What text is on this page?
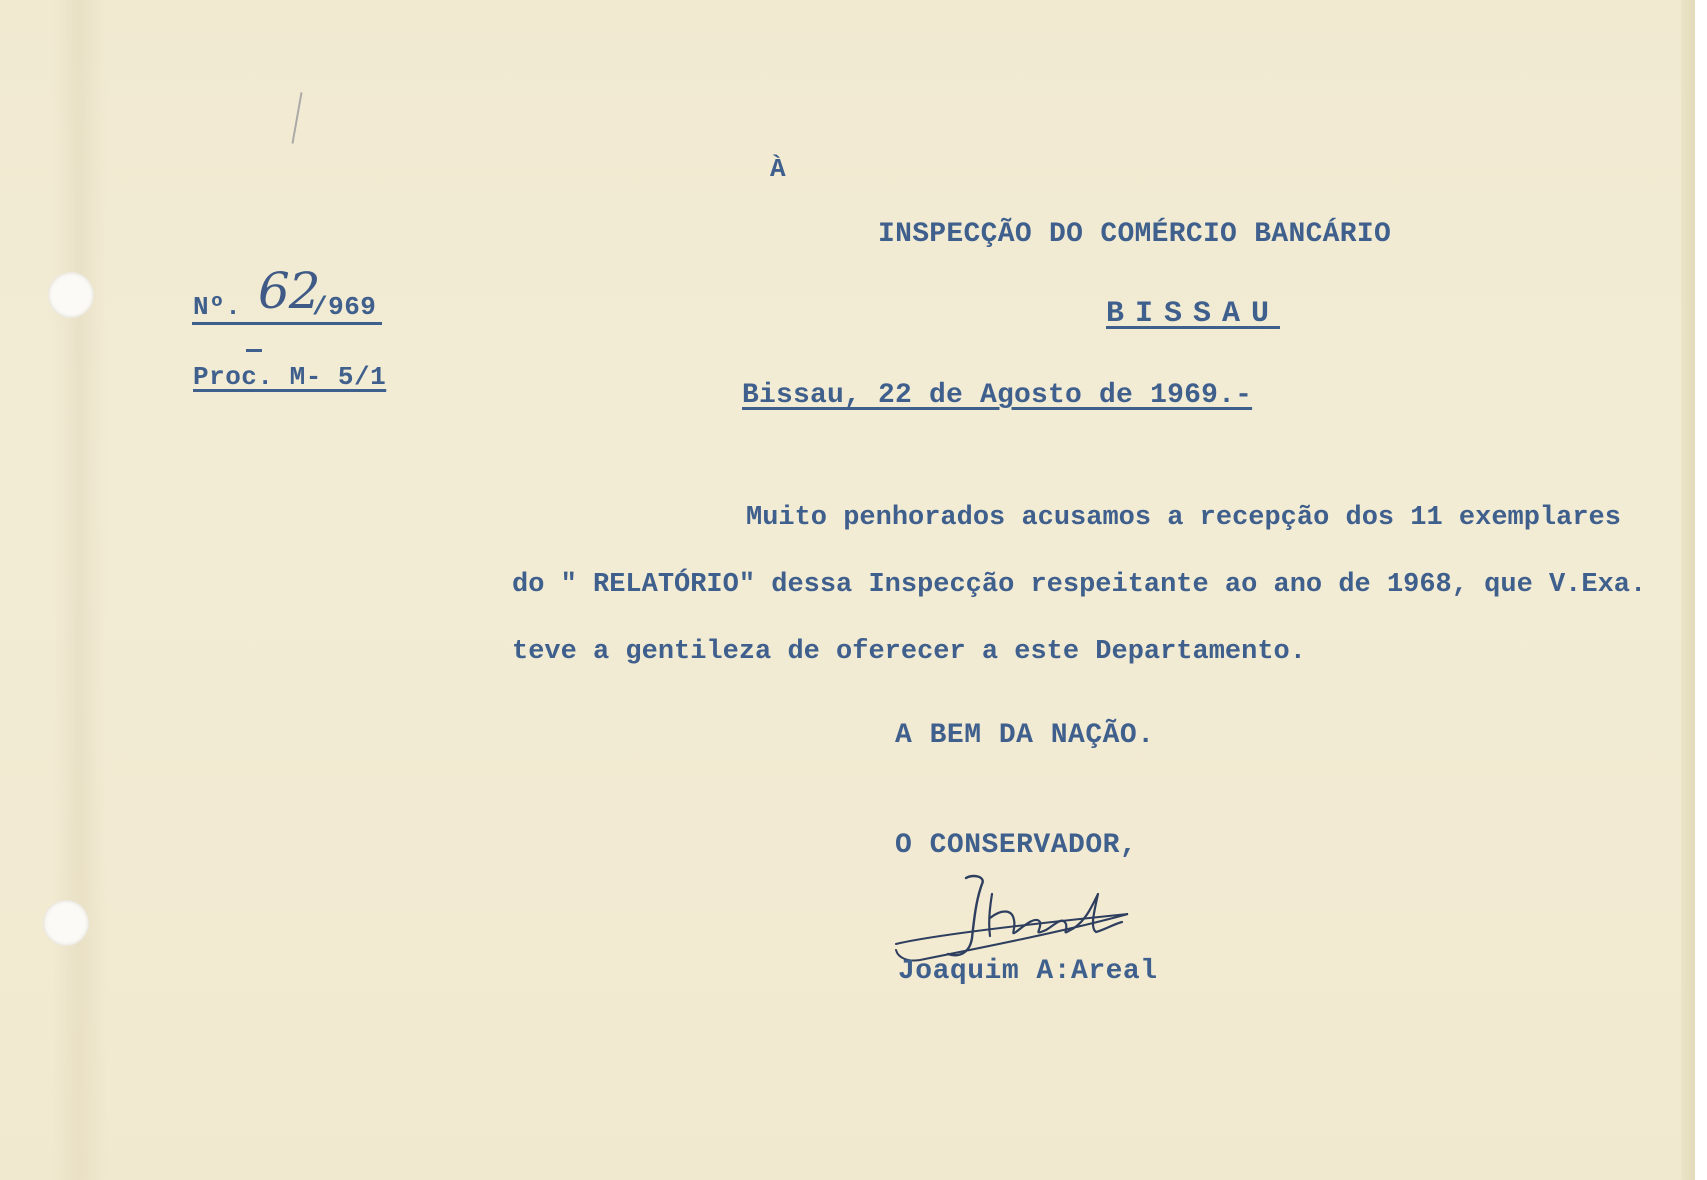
Nº. 62

/969

Proc. M- 5/1

À

INSPECÇÃO DO COMÉRCIO BANCÁRIO

BISSAU

Bissau, 22 de Agosto de 1969.-

Muito penhorados acusamos a recepção dos 11 exemplares
do " RELATÓRIO" dessa Inspecção respeitante ao ano de 1968, que V.Exa.
teve a gentileza de oferecer a este Departamento.

A BEM DA NAÇÃO.

O CONSERVADOR,

Joaquim A:Areal
